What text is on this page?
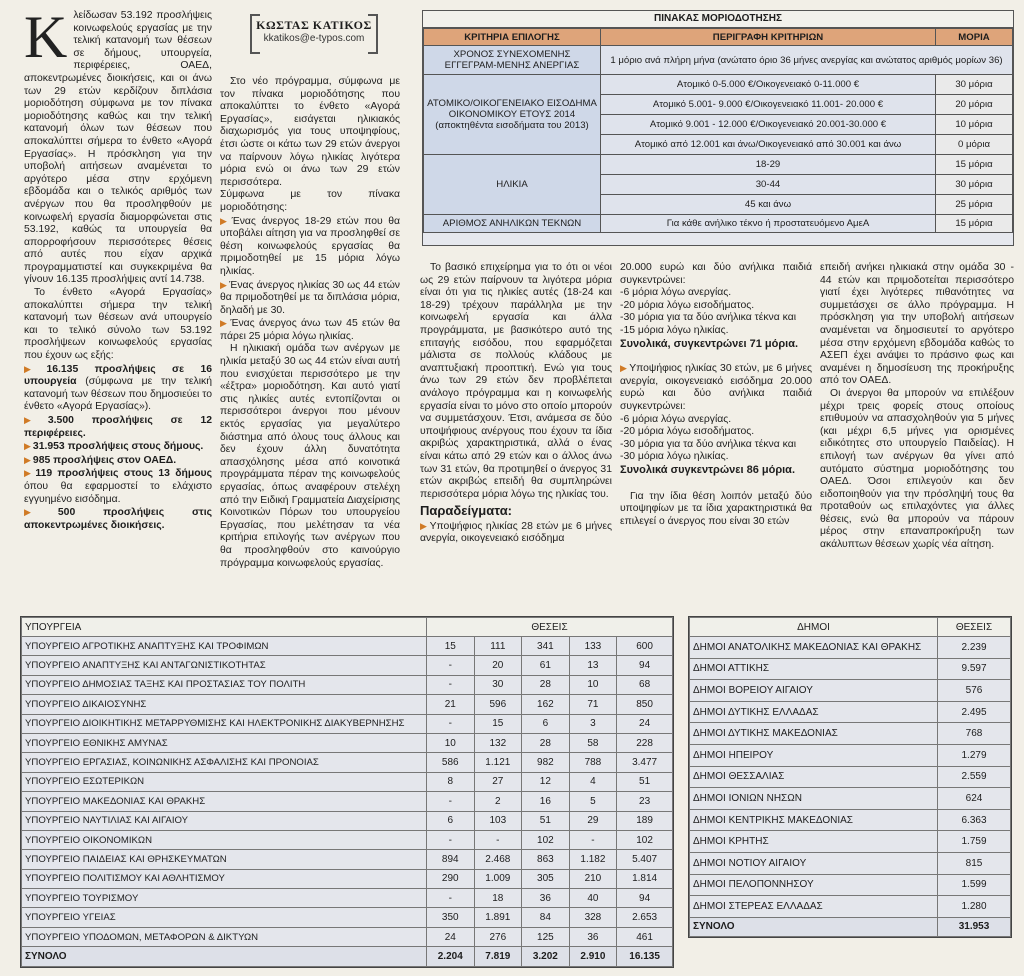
Κ λείδωσαν 53.192 προσλήψεις κοινωφελούς εργασίας με την τελική κατανομή των θέσεων σε δήμους, υπουργεία, περιφέρειες, ΟΑΕΔ, αποκεντρωμένες διοικήσεις, και οι άνω των 29 ετών κερδίζουν διπλάσια μοριοδότηση σύμφωνα με τον πίνακα μοριοδότησης καθώς και την τελική κατανομή όλων των θέσεων που αποκαλύπτει σήμερα το ένθετο «Αγορά Εργασίας». Η πρόσκληση για την υποβολή αιτήσεων αναμένεται το αργότερο μέσα στην ερχόμενη εβδομάδα και ο τελικός αριθμός των ανέργων που θα προσληφθούν με κοινωφελή εργασία διαμορφώνεται στις 53.192, καθώς τα υπουργεία θα απορροφήσουν περισσότερες θέσεις από αυτές που είχαν αρχικά προγραμματιστεί και συγκεκριμένα θα γίνουν 16.135 προσλήψεις αντί 14.738.

Το ένθετο «Αγορά Εργασίας» αποκαλύπτει σήμερα την τελική κατανομή των θέσεων ανά υπουργείο και το τελικό σύνολο των 53.192 προσλήψεων κοινωφελούς εργασίας που έχουν ως εξής:

▶ 16.135 προσλήψεις σε 16 υπουργεία (σύμφωνα με την τελική κατανομή των θέσεων που δημοσιεύει το ένθετο «Αγορά Εργασίας»).

▶ 3.500 προσλήψεις σε 12 περιφέρειες.

▶ 31.953 προσλήψεις στους δήμους.

▶ 985 προσλήψεις στον ΟΑΕΔ.

▶ 119 προσλήψεις στους 13 δήμους όπου θα εφαρμοστεί το ελάχιστο εγγυημένο εισόδημα.

▶ 500 προσλήψεις στις αποκεντρωμένες διοικήσεις.

ΚΩΣΤΑΣ ΚΑΤΙΚΟΣ
kkatikos@e-typos.com

Στο νέο πρόγραμμα, σύμφωνα με τον πίνακα μοριοδότησης που αποκαλύπτει το ένθετο «Αγορά Εργασίας», εισάγεται ηλικιακός διαχωρισμός για τους υποψηφίους, έτσι ώστε οι κάτω των 29 ετών άνεργοι να παίρνουν λόγω ηλικίας λιγότερα μόρια ενώ οι άνω των 29 ετών περισσότερα.

Σύμφωνα με τον πίνακα μοριοδότησης:

▶ Ένας άνεργος 18-29 ετών που θα υποβάλει αίτηση για να προσληφθεί σε θέση κοινωφελούς εργασίας θα πριμοδοτηθεί με 15 μόρια λόγω ηλικίας.

▶ Ένας άνεργος ηλικίας 30 ως 44 ετών θα πριμοδοτηθεί με τα διπλάσια μόρια, δηλαδή με 30.

▶ Ένας άνεργος άνω των 45 ετών θα πάρει 25 μόρια λόγω ηλικίας.

Η ηλικιακή ομάδα των ανέργων με ηλικία μεταξύ 30 ως 44 ετών είναι αυτή που ενισχύεται περισσότερο με την «έξτρα» μοριοδότηση. Και αυτό γιατί στις ηλικίες αυτές εντοπίζονται οι περισσότεροι άνεργοι που μένουν εκτός εργασίας για μεγαλύτερο διάστημα από όλους τους άλλους και δεν έχουν άλλη δυνατότητα απασχόλησης μέσα από κοινοτικά προγράμματα πέραν της κοινωφελούς εργασίας, όπως αναφέρουν στελέχη από την Ειδική Γραμματεία Διαχείρισης Κοινοτικών Πόρων του υπουργείου Εργασίας, που μελέτησαν τα νέα κριτήρια επιλογής των ανέργων που θα προσληφθούν στο καινούργιο πρόγραμμα κοινωφελούς εργασίας.

ΠΙΝΑΚΑΣ ΜΟΡΙΟΔΟΤΗΣΗΣ
ΚΡΙΤΗΡΙΑ ΕΠΙΛΟΓΗΣ	ΠΕΡΙΓΡΑΦΗ ΚΡΙΤΗΡΙΩΝ	ΜΟΡΙΑ
ΧΡΟΝΟΣ ΣΥΝΕΧΟΜΕΝΗΣ ΕΓΓΕΓΡΑΜ-ΜΕΝΗΣ ΑΝΕΡΓΙΑΣ	1 μόριο ανά πλήρη μήνα (ανώτατο όριο 36 μήνες ανεργίας και ανώτατος αριθμός μορίων 36)	
ΑΤΟΜΙΚΟ/ΟΙΚΟΓΕΝΕΙΑΚΟ ΕΙΣΟΔΗΜΑ ΟΙΚΟΝΟΜΙΚΟΥ ΕΤΟΥΣ 2014
(αποκτηθέντα εισοδήματα του 2013)	Ατομικό 0-5.000 €/Οικογενειακό 0-11.000 €	30 μόρια
	Ατομικό 5.001- 9.000 €/Οικογενειακό 11.001- 20.000 €	20 μόρια
	Ατομικό 9.001 - 12.000 €/Οικογενειακό 20.001-30.000 €	10 μόρια
	Ατομικό από 12.001 και άνω/Οικογενειακό από 30.001 και άνω	0 μόρια
ΗΛΙΚΙΑ	18-29	15 μόρια
	30-44	30 μόρια
	45 και άνω	25 μόρια
ΑΡΙΘΜΟΣ ΑΝΗΛΙΚΩΝ ΤΕΚΝΩΝ	Για κάθε ανήλικο τέκνο ή προστατευόμενο ΑμεΑ	15 μόρια

Το βασικό επιχείρημα για το ότι οι νέοι ως 29 ετών παίρνουν τα λιγότερα μόρια είναι ότι για τις ηλικίες αυτές (18-24 και 18-29) τρέχουν παράλληλα με την κοινωφελή εργασία και άλλα προγράμματα, με βασικότερο αυτό της επιταγής εισόδου, που εφαρμόζεται μάλιστα σε πολλούς κλάδους με αναπτυξιακή προοπτική. Ενώ για τους άνω των 29 ετών δεν προβλέπεται ανάλογο πρόγραμμα και η κοινωφελής εργασία είναι το μόνο στο οποίο μπορούν να συμμετάσχουν. Έτσι, ανάμεσα σε δύο υποψήφιους ανέργους που έχουν τα ίδια ακριβώς χαρακτηριστικά, αλλά ο ένας είναι κάτω από 29 ετών και ο άλλος άνω των 31 ετών, θα προτιμηθεί ο άνεργος 31 ετών ακριβώς επειδή θα συμπληρώνει περισσότερα μόρια λόγω της ηλικίας του.

Παραδείγματα:

▶ Υποψήφιος ηλικίας 28 ετών με 6 μήνες ανεργία, οικογενειακό εισόδημα

20.000 ευρώ και δύο ανήλικα παιδιά συγκεντρώνει:

-6 μόρια λόγω ανεργίας.

-20 μόρια λόγω εισοδήματος.

-30 μόρια για τα δύο ανήλικα τέκνα και

-15 μόρια λόγω ηλικίας.

Συνολικά, συγκεντρώνει 71 μόρια.

▶ Υποψήφιος ηλικίας 30 ετών, με 6 μήνες ανεργία, οικογενειακό εισόδημα 20.000 ευρώ και δύο ανήλικα παιδιά συγκεντρώνει:

-6 μόρια λόγω ανεργίας.

-20 μόρια λόγω εισοδήματος.

-30 μόρια για τα δύο ανήλικα τέκνα και

-30 μόρια λόγω ηλικίας.

Συνολικά συγκεντρώνει 86 μόρια.

Για την ίδια θέση λοιπόν μεταξύ δύο υποψηφίων με τα ίδια χαρακτηριστικά θα επιλεγεί ο άνεργος που είναι 30 ετών

επειδή ανήκει ηλικιακά στην ομάδα 30 - 44 ετών και πριμοδοτείται περισσότερο γιατί έχει λιγότερες πιθανότητες να συμμετάσχει σε άλλο πρόγραμμα. Η πρόσκληση για την υποβολή αιτήσεων αναμένεται να δημοσιευτεί το αργότερο μέσα στην ερχόμενη εβδομάδα καθώς το ΑΣΕΠ έχει ανάψει το πράσινο φως και αναμένει η δημοσίευση της προκήρυξης από τον ΟΑΕΔ.

Οι άνεργοι θα μπορούν να επιλέξουν μέχρι τρεις φορείς στους οποίους επιθυμούν να απασχοληθούν για 5 μήνες (και μέχρι 6,5 μήνες για ορισμένες ειδικότητες στο υπουργείο Παιδείας). Η επιλογή των ανέργων θα γίνει από αυτόματο σύστημα μοριοδότησης του ΟΑΕΔ. Όσοι επιλεγούν και δεν ειδοποιηθούν για την πρόσληψή τους θα προταθούν ως επιλαχόντες για άλλες θέσεις, ενώ θα μπορούν να πάρουν μέρος στην επαναπροκήρυξη των ακάλυπτων θέσεων χωρίς νέα αίτηση.

ΥΠΟΥΡΓΕΙΑ	ΘΕΣΕΙΣ				
ΥΠΟΥΡΓΕΙΟ ΑΓΡΟΤΙΚΗΣ ΑΝΑΠΤΥΞΗΣ ΚΑΙ ΤΡΟΦΙΜΩΝ	15	111	341	133	600
ΥΠΟΥΡΓΕΙΟ ΑΝΑΠΤΥΞΗΣ ΚΑΙ ΑΝΤΑΓΩΝΙΣΤΙΚΟΤΗΤΑΣ	-	20	61	13	94
ΥΠΟΥΡΓΕΙΟ ΔΗΜΟΣΙΑΣ ΤΑΞΗΣ ΚΑΙ ΠΡΟΣΤΑΣΙΑΣ ΤΟΥ ΠΟΛΙΤΗ	-	30	28	10	68
ΥΠΟΥΡΓΕΙΟ ΔΙΚΑΙΟΣΥΝΗΣ	21	596	162	71	850
ΥΠΟΥΡΓΕΙΟ ΔΙΟΙΚΗΤΙΚΗΣ ΜΕΤΑΡΡΥΘΜΙΣΗΣ ΚΑΙ ΗΛΕΚΤΡΟΝΙΚΗΣ ΔΙΑΚΥΒΕΡΝΗΣΗΣ	-	15	6	3	24
ΥΠΟΥΡΓΕΙΟ ΕΘΝΙΚΗΣ ΑΜΥΝΑΣ	10	132	28	58	228
ΥΠΟΥΡΓΕΙΟ ΕΡΓΑΣΙΑΣ, ΚΟΙΝΩΝΙΚΗΣ ΑΣΦΑΛΙΣΗΣ ΚΑΙ ΠΡΟΝΟΙΑΣ	586	1.121	982	788	3.477
ΥΠΟΥΡΓΕΙΟ ΕΣΩΤΕΡΙΚΩΝ	8	27	12	4	51
ΥΠΟΥΡΓΕΙΟ ΜΑΚΕΔΟΝΙΑΣ ΚΑΙ ΘΡΑΚΗΣ	-	2	16	5	23
ΥΠΟΥΡΓΕΙΟ ΝΑΥΤΙΛΙΑΣ ΚΑΙ ΑΙΓΑΙΟΥ	6	103	51	29	189
ΥΠΟΥΡΓΕΙΟ ΟΙΚΟΝΟΜΙΚΩΝ	-	-	102	-	102
ΥΠΟΥΡΓΕΙΟ ΠΑΙΔΕΙΑΣ ΚΑΙ ΘΡΗΣΚΕΥΜΑΤΩΝ	894	2.468	863	1.182	5.407
ΥΠΟΥΡΓΕΙΟ ΠΟΛΙΤΙΣΜΟΥ ΚΑΙ ΑΘΛΗΤΙΣΜΟΥ	290	1.009	305	210	1.814
ΥΠΟΥΡΓΕΙΟ ΤΟΥΡΙΣΜΟΥ	-	18	36	40	94
ΥΠΟΥΡΓΕΙΟ ΥΓΕΙΑΣ	350	1.891	84	328	2.653
ΥΠΟΥΡΓΕΙΟ ΥΠΟΔΟΜΩΝ, ΜΕΤΑΦΟΡΩΝ & ΔΙΚΤΥΩΝ	24	276	125	36	461
ΣΥΝΟΛΟ	2.204	7.819	3.202	2.910	16.135
ΔΗΜΟΙ	ΘΕΣΕΙΣ
ΔΗΜΟΙ ΑΝΑΤΟΛΙΚΗΣ ΜΑΚΕΔΟΝΙΑΣ ΚΑΙ ΘΡΑΚΗΣ	2.239
ΔΗΜΟΙ ΑΤΤΙΚΗΣ	9.597
ΔΗΜΟΙ ΒΟΡΕΙΟΥ ΑΙΓΑΙΟΥ	576
ΔΗΜΟΙ ΔΥΤΙΚΗΣ ΕΛΛΑΔΑΣ	2.495
ΔΗΜΟΙ ΔΥΤΙΚΗΣ ΜΑΚΕΔΟΝΙΑΣ	768
ΔΗΜΟΙ ΗΠΕΙΡΟΥ	1.279
ΔΗΜΟΙ ΘΕΣΣΑΛΙΑΣ	2.559
ΔΗΜΟΙ ΙΟΝΙΩΝ ΝΗΣΩΝ	624
ΔΗΜΟΙ ΚΕΝΤΡΙΚΗΣ ΜΑΚΕΔΟΝΙΑΣ	6.363
ΔΗΜΟΙ ΚΡΗΤΗΣ	1.759
ΔΗΜΟΙ ΝΟΤΙΟΥ ΑΙΓΑΙΟΥ	815
ΔΗΜΟΙ ΠΕΛΟΠΟΝΝΗΣΟΥ	1.599
ΔΗΜΟΙ ΣΤΕΡΕΑΣ ΕΛΛΑΔΑΣ	1.280
ΣΥΝΟΛΟ	31.953
